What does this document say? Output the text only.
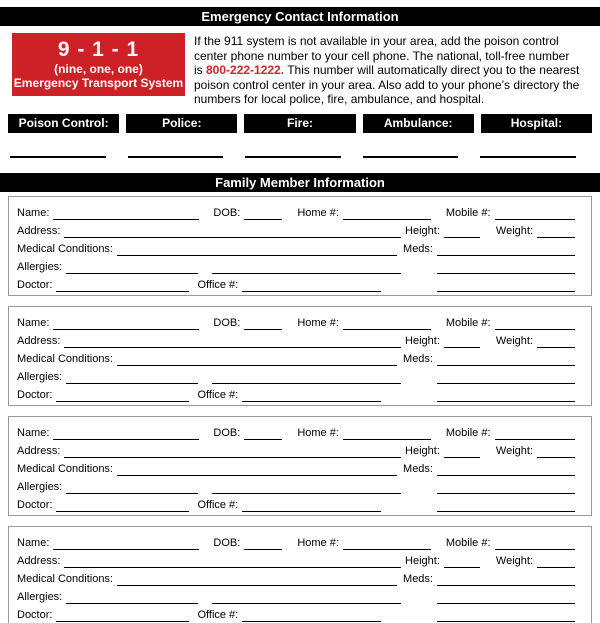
Emergency Contact Information
9 - 1 - 1
(nine, one, one)
Emergency Transport System
If the 911 system is not available in your area, add the poison control
center phone number to your cell phone. The national, toll-free number
is 800-222-1222. This number will automatically direct you to the nearest
poison control center in your area. Also add to your phone’s directory the
numbers for local police, fire, ambulance, and hospital.
Poison Control:	Police:	Fire:	Ambulance:	Hospital:
Family Member Information
Name:	DOB:	Home #:	Mobile #:
Address:	Height:	Weight:
Medical Conditions:	Meds:
Allergies:
Doctor:	Office #:
Name:	DOB:	Home #:	Mobile #:
Address:	Height:	Weight:
Medical Conditions:	Meds:
Allergies:
Doctor:	Office #:
Name:	DOB:	Home #:	Mobile #:
Address:	Height:	Weight:
Medical Conditions:	Meds:
Allergies:
Doctor:	Office #:
Name:	DOB:	Home #:	Mobile #:
Address:	Height:	Weight:
Medical Conditions:	Meds:
Allergies:
Doctor:	Office #:
